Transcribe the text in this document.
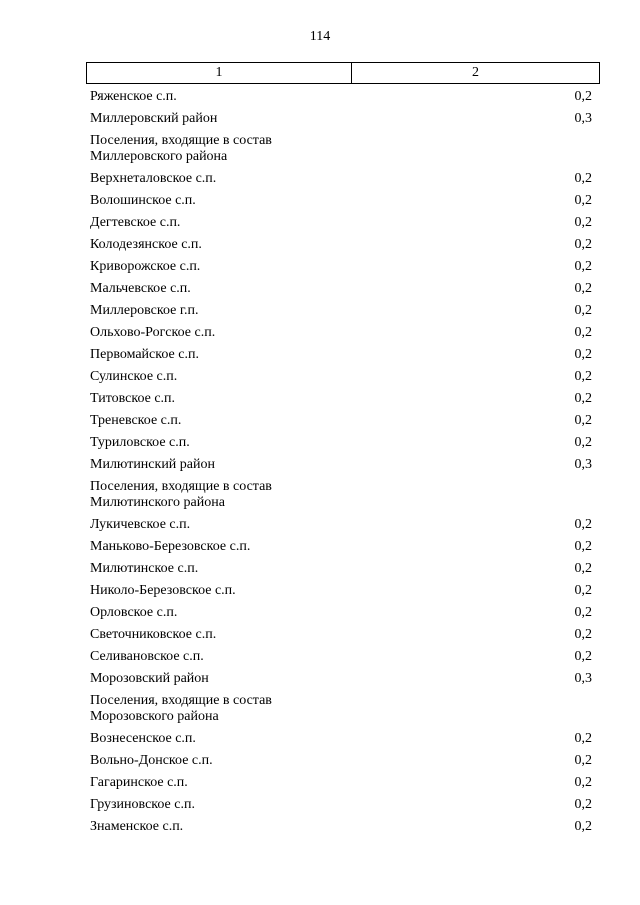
114
1	2
Ряженское с.п.	0,2
Миллеровский район	0,3
Поселения, входящие в состав
Миллеровского района
Верхнеталовское с.п.	0,2
Волошинское с.п.	0,2
Дегтевское с.п.	0,2
Колодезянское с.п.	0,2
Криворожское с.п.	0,2
Мальчевское с.п.	0,2
Миллеровское г.п.	0,2
Ольхово-Рогское с.п.	0,2
Первомайское с.п.	0,2
Сулинское с.п.	0,2
Титовское с.п.	0,2
Треневское с.п.	0,2
Туриловское с.п.	0,2
Милютинский район	0,3
Поселения, входящие в состав
Милютинского района
Лукичевское с.п.	0,2
Маньково-Березовское с.п.	0,2
Милютинское с.п.	0,2
Николо-Березовское с.п.	0,2
Орловское с.п.	0,2
Светочниковское с.п.	0,2
Селивановское с.п.	0,2
Морозовский район	0,3
Поселения, входящие в состав
Морозовского района
Вознесенское с.п.	0,2
Вольно-Донское с.п.	0,2
Гагаринское с.п.	0,2
Грузиновское с.п.	0,2
Знаменское с.п.	0,2
